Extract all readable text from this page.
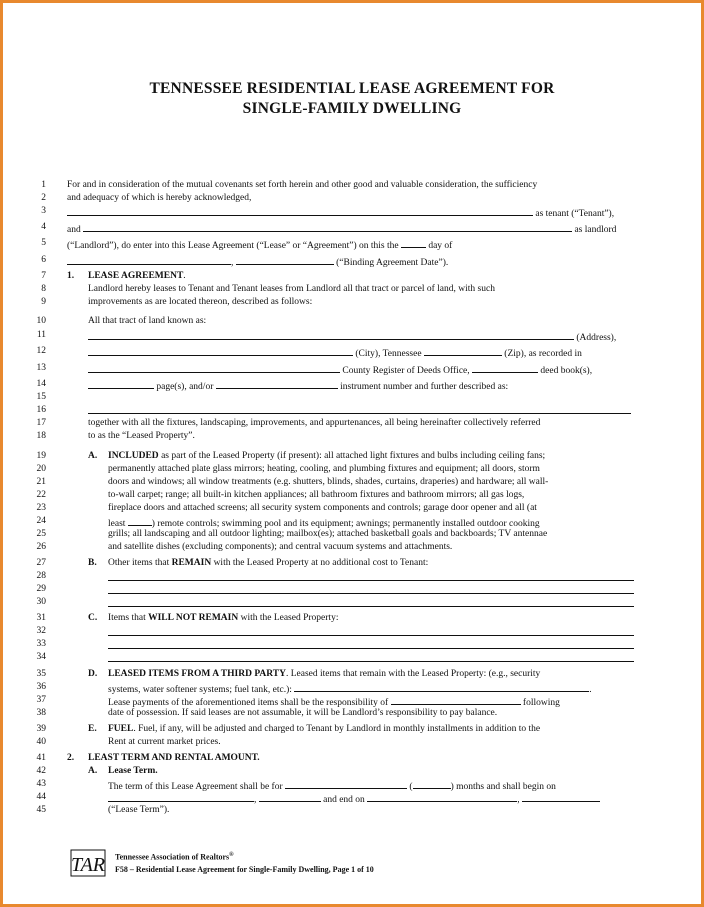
TENNESSEE RESIDENTIAL LEASE AGREEMENT FOR
SINGLE-FAMILY DWELLING
1
2
3
4
5
6
7
8
9
10
11
12
13
14
15
16
17
18
19
20
21
22
23
24
25
26
27
28
29
30
31
32
33
34
35
36
37
38
39
40
41
42
43
44
45
For and in consideration of the mutual covenants set forth herein and other good and valuable consideration, the sufficiency
and adequacy of which is hereby acknowledged,
as tenant (“Tenant”),
and	as landlord
(“Landlord”), do enter into this Lease Agreement (“Lease” or “Agreement”) on this the	day of
,	(“Binding Agreement Date”).
1. LEASE AGREEMENT.
Landlord hereby leases to Tenant and Tenant leases from Landlord all that tract or parcel of land, with such
improvements as are located thereon, described as follows:
All that tract of land known as:
(Address),
(City), Tennessee	(Zip), as recorded in
County Register of Deeds Office,	deed book(s),
page(s), and/or	instrument number and further described as:
together with all the fixtures, landscaping, improvements, and appurtenances, all being hereinafter collectively referred
to as the “Leased Property”.
A. INCLUDED as part of the Leased Property (if present): all attached light fixtures and bulbs including ceiling fans;
permanently attached plate glass mirrors; heating, cooling, and plumbing fixtures and equipment; all doors, storm
doors and windows; all window treatments (e.g. shutters, blinds, shades, curtains, draperies) and hardware; all wall-
to-wall carpet; range; all built-in kitchen appliances; all bathroom fixtures and bathroom mirrors; all gas logs,
fireplace doors and attached screens; all security system components and controls; garage door opener and all (at
least	) remote controls; swimming pool and its equipment; awnings; permanently installed outdoor cooking
grills; all landscaping and all outdoor lighting; mailbox(es); attached basketball goals and backboards; TV antennae
and satellite dishes (excluding components); and central vacuum systems and attachments.
B. Other items that REMAIN with the Leased Property at no additional cost to Tenant:
C. Items that WILL NOT REMAIN with the Leased Property:
D. LEASED ITEMS FROM A THIRD PARTY. Leased items that remain with the Leased Property: (e.g., security
systems, water softener systems; fuel tank, etc.):	.
Lease payments of the aforementioned items shall be the responsibility of	following
date of possession. If said leases are not assumable, it will be Landlord’s responsibility to pay balance.
E. FUEL. Fuel, if any, will be adjusted and charged to Tenant by Landlord in monthly installments in addition to the
Rent at current market prices.
2. LEAST TERM AND RENTAL AMOUNT.
A. Lease Term.
The term of this Lease Agreement shall be for	(	) months and shall begin on
,	and end on	,
(“Lease Term”).
TAR Tennessee Association of Realtors®
F58 – Residential Lease Agreement for Single-Family Dwelling, Page 1 of 10
